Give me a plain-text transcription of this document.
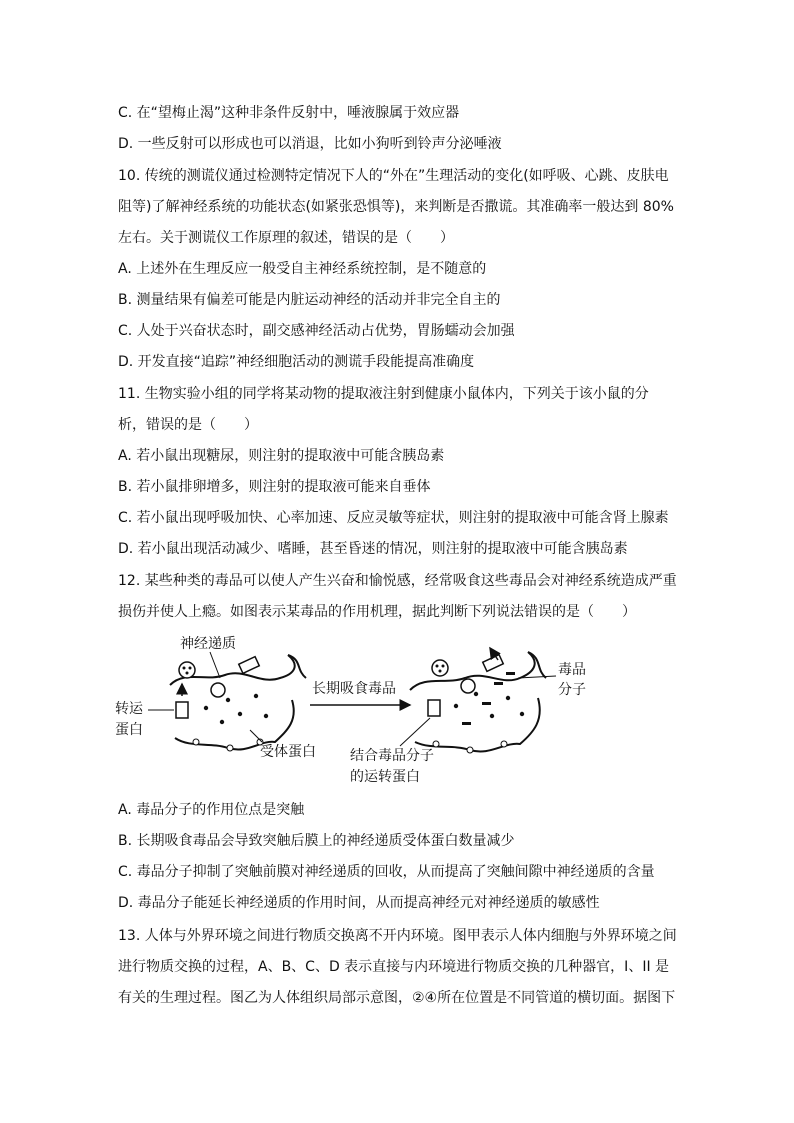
C. 在“望梅止渴”这种非条件反射中，唾液腺属于效应器
D. 一些反射可以形成也可以消退，比如小狗听到铃声分泌唾液
10. 传统的测谎仪通过检测特定情况下人的“外在”生理活动的变化(如呼吸、心跳、皮肤电
阻等)了解神经系统的功能状态(如紧张恐惧等)，来判断是否撒谎。其准确率一般达到 80%
左右。关于测谎仪工作原理的叙述，错误的是（　　）
A. 上述外在生理反应一般受自主神经系统控制，是不随意的
B. 测量结果有偏差可能是内脏运动神经的活动并非完全自主的
C. 人处于兴奋状态时，副交感神经活动占优势，胃肠蠕动会加强
D. 开发直接“追踪”神经细胞活动的测谎手段能提高准确度
11. 生物实验小组的同学将某动物的提取液注射到健康小鼠体内，下列关于该小鼠的分
析，错误的是（　　）
A. 若小鼠出现糖尿，则注射的提取液中可能含胰岛素
B. 若小鼠排卵增多，则注射的提取液可能来自垂体
C. 若小鼠出现呼吸加快、心率加速、反应灵敏等症状，则注射的提取液中可能含肾上腺素
D. 若小鼠出现活动减少、嗜睡，甚至昏迷的情况，则注射的提取液中可能含胰岛素
12. 某些种类的毒品可以使人产生兴奋和愉悦感，经常吸食这些毒品会对神经系统造成严重
损伤并使人上瘾。如图表示某毒品的作用机理，据此判断下列说法错误的是（　　）
神经递质
转运
蛋白
受体蛋白
长期吸食毒品
毒品
分子
结合毒品分子
的运转蛋白
A. 毒品分子的作用位点是突触
B. 长期吸食毒品会导致突触后膜上的神经递质受体蛋白数量减少
C. 毒品分子抑制了突触前膜对神经递质的回收，从而提高了突触间隙中神经递质的含量
D. 毒品分子能延长神经递质的作用时间，从而提高神经元对神经递质的敏感性
13. 人体与外界环境之间进行物质交换离不开内环境。图甲表示人体内细胞与外界环境之间
进行物质交换的过程，A、B、C、D 表示直接与内环境进行物质交换的几种器官，I、II 是
有关的生理过程。图乙为人体组织局部示意图，②④所在位置是不同管道的横切面。据图下
